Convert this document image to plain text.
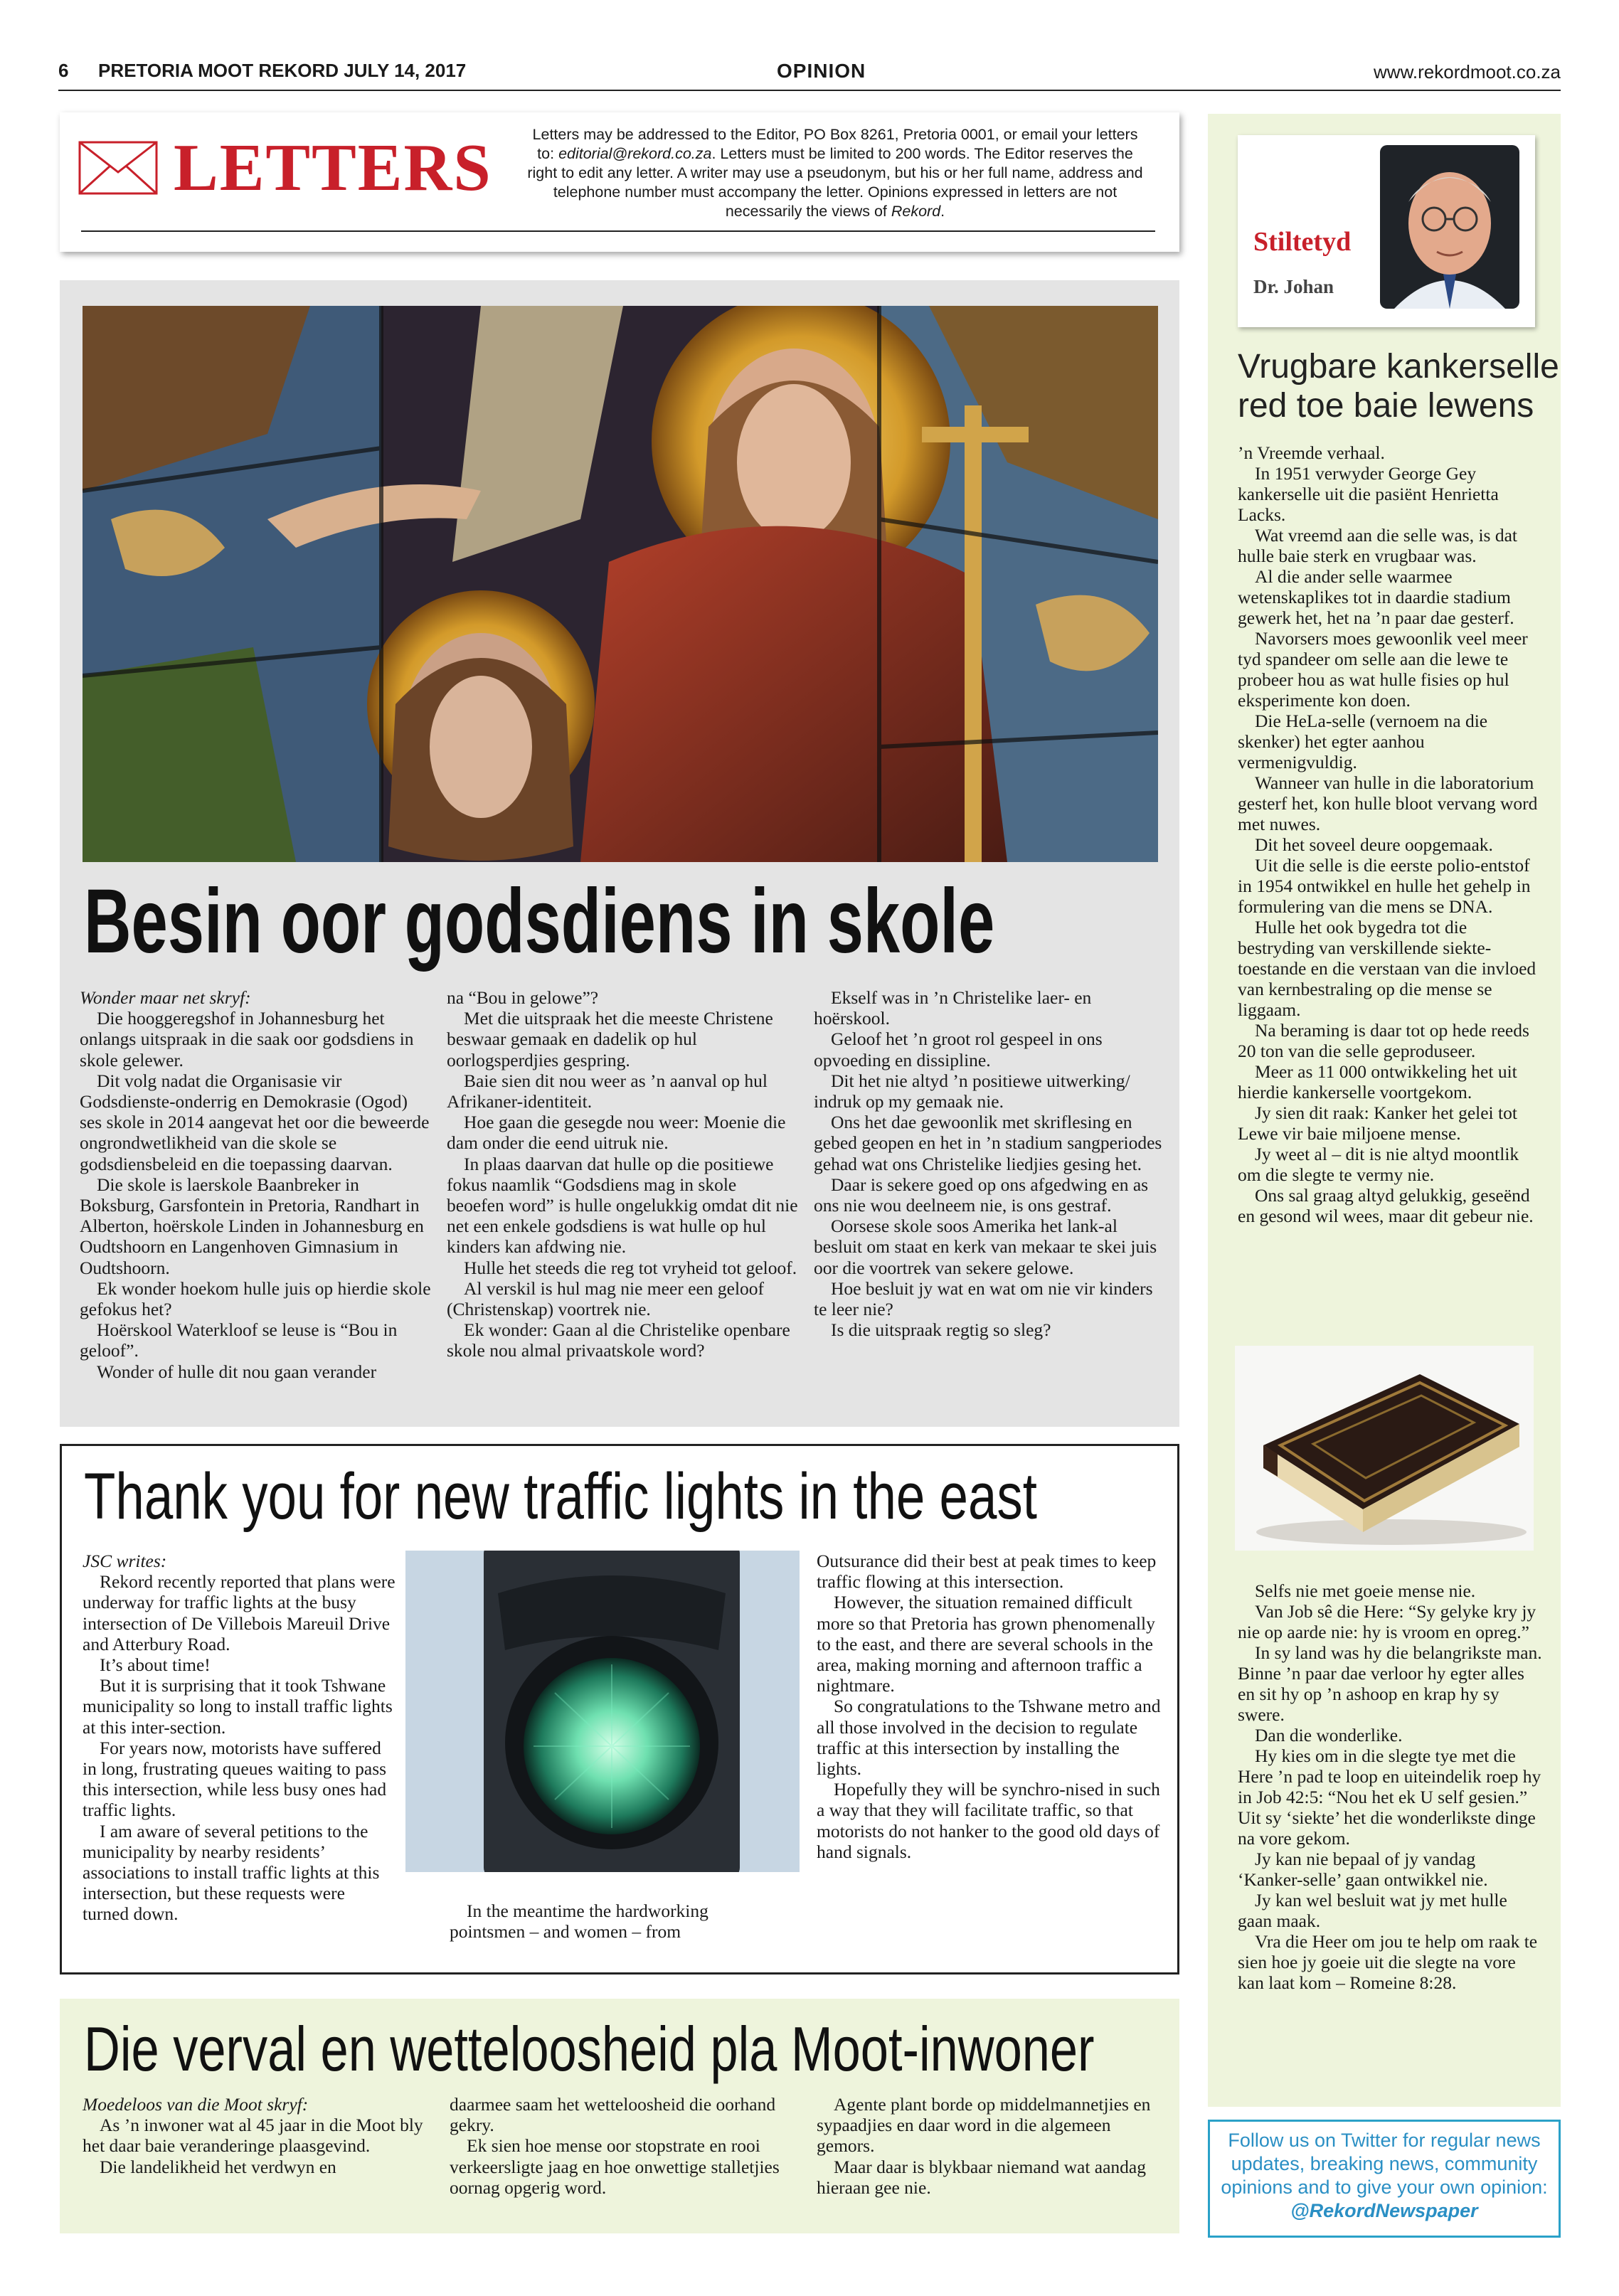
6 PRETORIA MOOT REKORD JULY 14, 2017	OPINION	www.rekordmoot.co.za
LETTERS	Letters may be addressed to the Editor, PO Box 8261, Pretoria 0001, or email your letters to: editorial@rekord.co.za. Letters must be limited to 200 words. The Editor reserves the right to edit any letter. A writer may use a pseudonym, but his or her full name, address and telephone number must accompany the letter. Opinions expressed in letters are not necessarily the views of Rekord.
Besin oor godsdiens in skole

Wonder maar net skryf:

Die hooggeregshof in Johannesburg het onlangs uitspraak in die saak oor godsdiens in skole gelewer.

Dit volg nadat die Organisasie vir Godsdienste-onderrig en Demokrasie (Ogod) ses skole in 2014 aangevat het oor die beweerde ongrondwetlikheid van die skole se godsdiensbeleid en die toepassing daarvan.

Die skole is laerskole Baanbreker in Boksburg, Garsfontein in Pretoria, Randhart in Alberton, hoërskole Linden in Johannesburg en Oudtshoorn en Langenhoven Gimnasium in Oudtshoorn.

Ek wonder hoekom hulle juis op hierdie skole gefokus het?

Hoërskool Waterkloof se leuse is “Bou in geloof”.

Wonder of hulle dit nou gaan verander

na “Bou in gelowe”?

Met die uitspraak het die meeste Christene beswaar gemaak en dadelik op hul oorlogsperdjies gespring.

Baie sien dit nou weer as ’n aanval op hul Afrikaner-identiteit.

Hoe gaan die gesegde nou weer: Moenie die dam onder die eend uitruk nie.

In plaas daarvan dat hulle op die positiewe fokus naamlik “Godsdiens mag in skole beoefen word” is hulle ongelukkig omdat dit nie net een enkele godsdiens is wat hulle op hul kinders kan afdwing nie.

Hulle het steeds die reg tot vryheid tot geloof.

Al verskil is hul mag nie meer een geloof (Christenskap) voortrek nie.

Ek wonder: Gaan al die Christelike openbare skole nou almal privaatskole word?

Ekself was in ’n Christelike laer- en hoërskool.

Geloof het ’n groot rol gespeel in ons opvoeding en dissipline.

Dit het nie altyd ’n positiewe uitwerking/ indruk op my gemaak nie.

Ons het dae gewoonlik met skriflesing en gebed geopen en het in ’n stadium sangperiodes gehad wat ons Christelike liedjies gesing het.

Daar is sekere goed op ons afgedwing en as ons nie wou deelneem nie, is ons gestraf.

Oorsese skole soos Amerika het lank-al besluit om staat en kerk van mekaar te skei juis oor die voortrek van sekere gelowe.

Hoe besluit jy wat en wat om nie vir kinders te leer nie?

Is die uitspraak regtig so sleg?

Thank you for new traffic lights in the east

JSC writes:

Rekord recently reported that plans were underway for traffic lights at the busy intersection of De Villebois Mareuil Drive and Atterbury Road.

It’s about time!

But it is surprising that it took Tshwane municipality so long to install traffic lights at this inter-section.

For years now, motorists have suffered in long, frustrating queues waiting to pass this intersection, while less busy ones had traffic lights.

I am aware of several petitions to the municipality by nearby residents’ associations to install traffic lights at this intersection, but these requests were turned down.	In the meantime the hardworking pointsmen – and women – from

Outsurance did their best at peak times to keep traffic flowing at this intersection.

However, the situation remained difficult more so that Pretoria has grown phenomenally to the east, and there are several schools in the area, making morning and afternoon traffic a nightmare.

So congratulations to the Tshwane metro and all those involved in the decision to regulate traffic at this intersection by installing the lights.

Hopefully they will be synchro-nised in such a way that they will facilitate traffic, so that motorists do not hanker to the good old days of hand signals.

Die verval en wetteloosheid pla Moot-inwoner

Moedeloos van die Moot skryf:

As ’n inwoner wat al 45 jaar in die Moot bly het daar baie veranderinge plaasgevind.

Die landelikheid het verdwyn en

daarmee saam het wetteloosheid die oorhand gekry.

Ek sien hoe mense oor stopstrate en rooi verkeersligte jaag en hoe onwettige stalletjies oornag opgerig word.

Agente plant borde op middelmannetjies en sypaadjies en daar word in die algemeen gemors.

Maar daar is blykbaar niemand wat aandag hieraan gee nie.

Stiltetyd
Dr. Johan
Vrugbare kankerselle
red toe baie lewens

’n Vreemde verhaal.

In 1951 verwyder George Gey kankerselle uit die pasiënt Henrietta Lacks.

Wat vreemd aan die selle was, is dat hulle baie sterk en vrugbaar was.

Al die ander selle waarmee wetenskaplikes tot in daardie stadium gewerk het, het na ’n paar dae gesterf.

Navorsers moes gewoonlik veel meer tyd spandeer om selle aan die lewe te probeer hou as wat hulle fisies op hul eksperimente kon doen.

Die HeLa-selle (vernoem na die skenker) het egter aanhou vermenigvuldig.

Wanneer van hulle in die laboratorium gesterf het, kon hulle bloot vervang word met nuwes.

Dit het soveel deure oopgemaak.

Uit die selle is die eerste polio-entstof in 1954 ontwikkel en hulle het gehelp in formulering van die mens se DNA.

Hulle het ook bygedra tot die bestryding van verskillende siekte-toestande en die verstaan van die invloed van kernbestraling op die mense se liggaam.

Na beraming is daar tot op hede reeds 20 ton van die selle geproduseer.

Meer as 11 000 ontwikkeling het uit hierdie kankerselle voortgekom.

Jy sien dit raak: Kanker het gelei tot Lewe vir baie miljoene mense.

Jy weet al – dit is nie altyd moontlik om die slegte te vermy nie.

Ons sal graag altyd gelukkig, geseënd en gesond wil wees, maar dit gebeur nie.

Selfs nie met goeie mense nie.

Van Job sê die Here: “Sy gelyke kry jy nie op aarde nie: hy is vroom en opreg.”

In sy land was hy die belangrikste man. Binne ’n paar dae verloor hy egter alles en sit hy op ’n ashoop en krap hy sy swere.

Dan die wonderlike.

Hy kies om in die slegte tye met die Here ’n pad te loop en uiteindelik roep hy in Job 42:5: “Nou het ek U self gesien.” Uit sy ‘siekte’ het die wonderlikste dinge na vore gekom.

Jy kan nie bepaal of jy vandag ‘Kanker-selle’ gaan ontwikkel nie.

Jy kan wel besluit wat jy met hulle gaan maak.

Vra die Heer om jou te help om raak te sien hoe jy goeie uit die slegte na vore kan laat kom – Romeine 8:28.

Follow us on Twitter for regular news updates, breaking news, community opinions and to give your own opinion:
@RekordNewspaper
